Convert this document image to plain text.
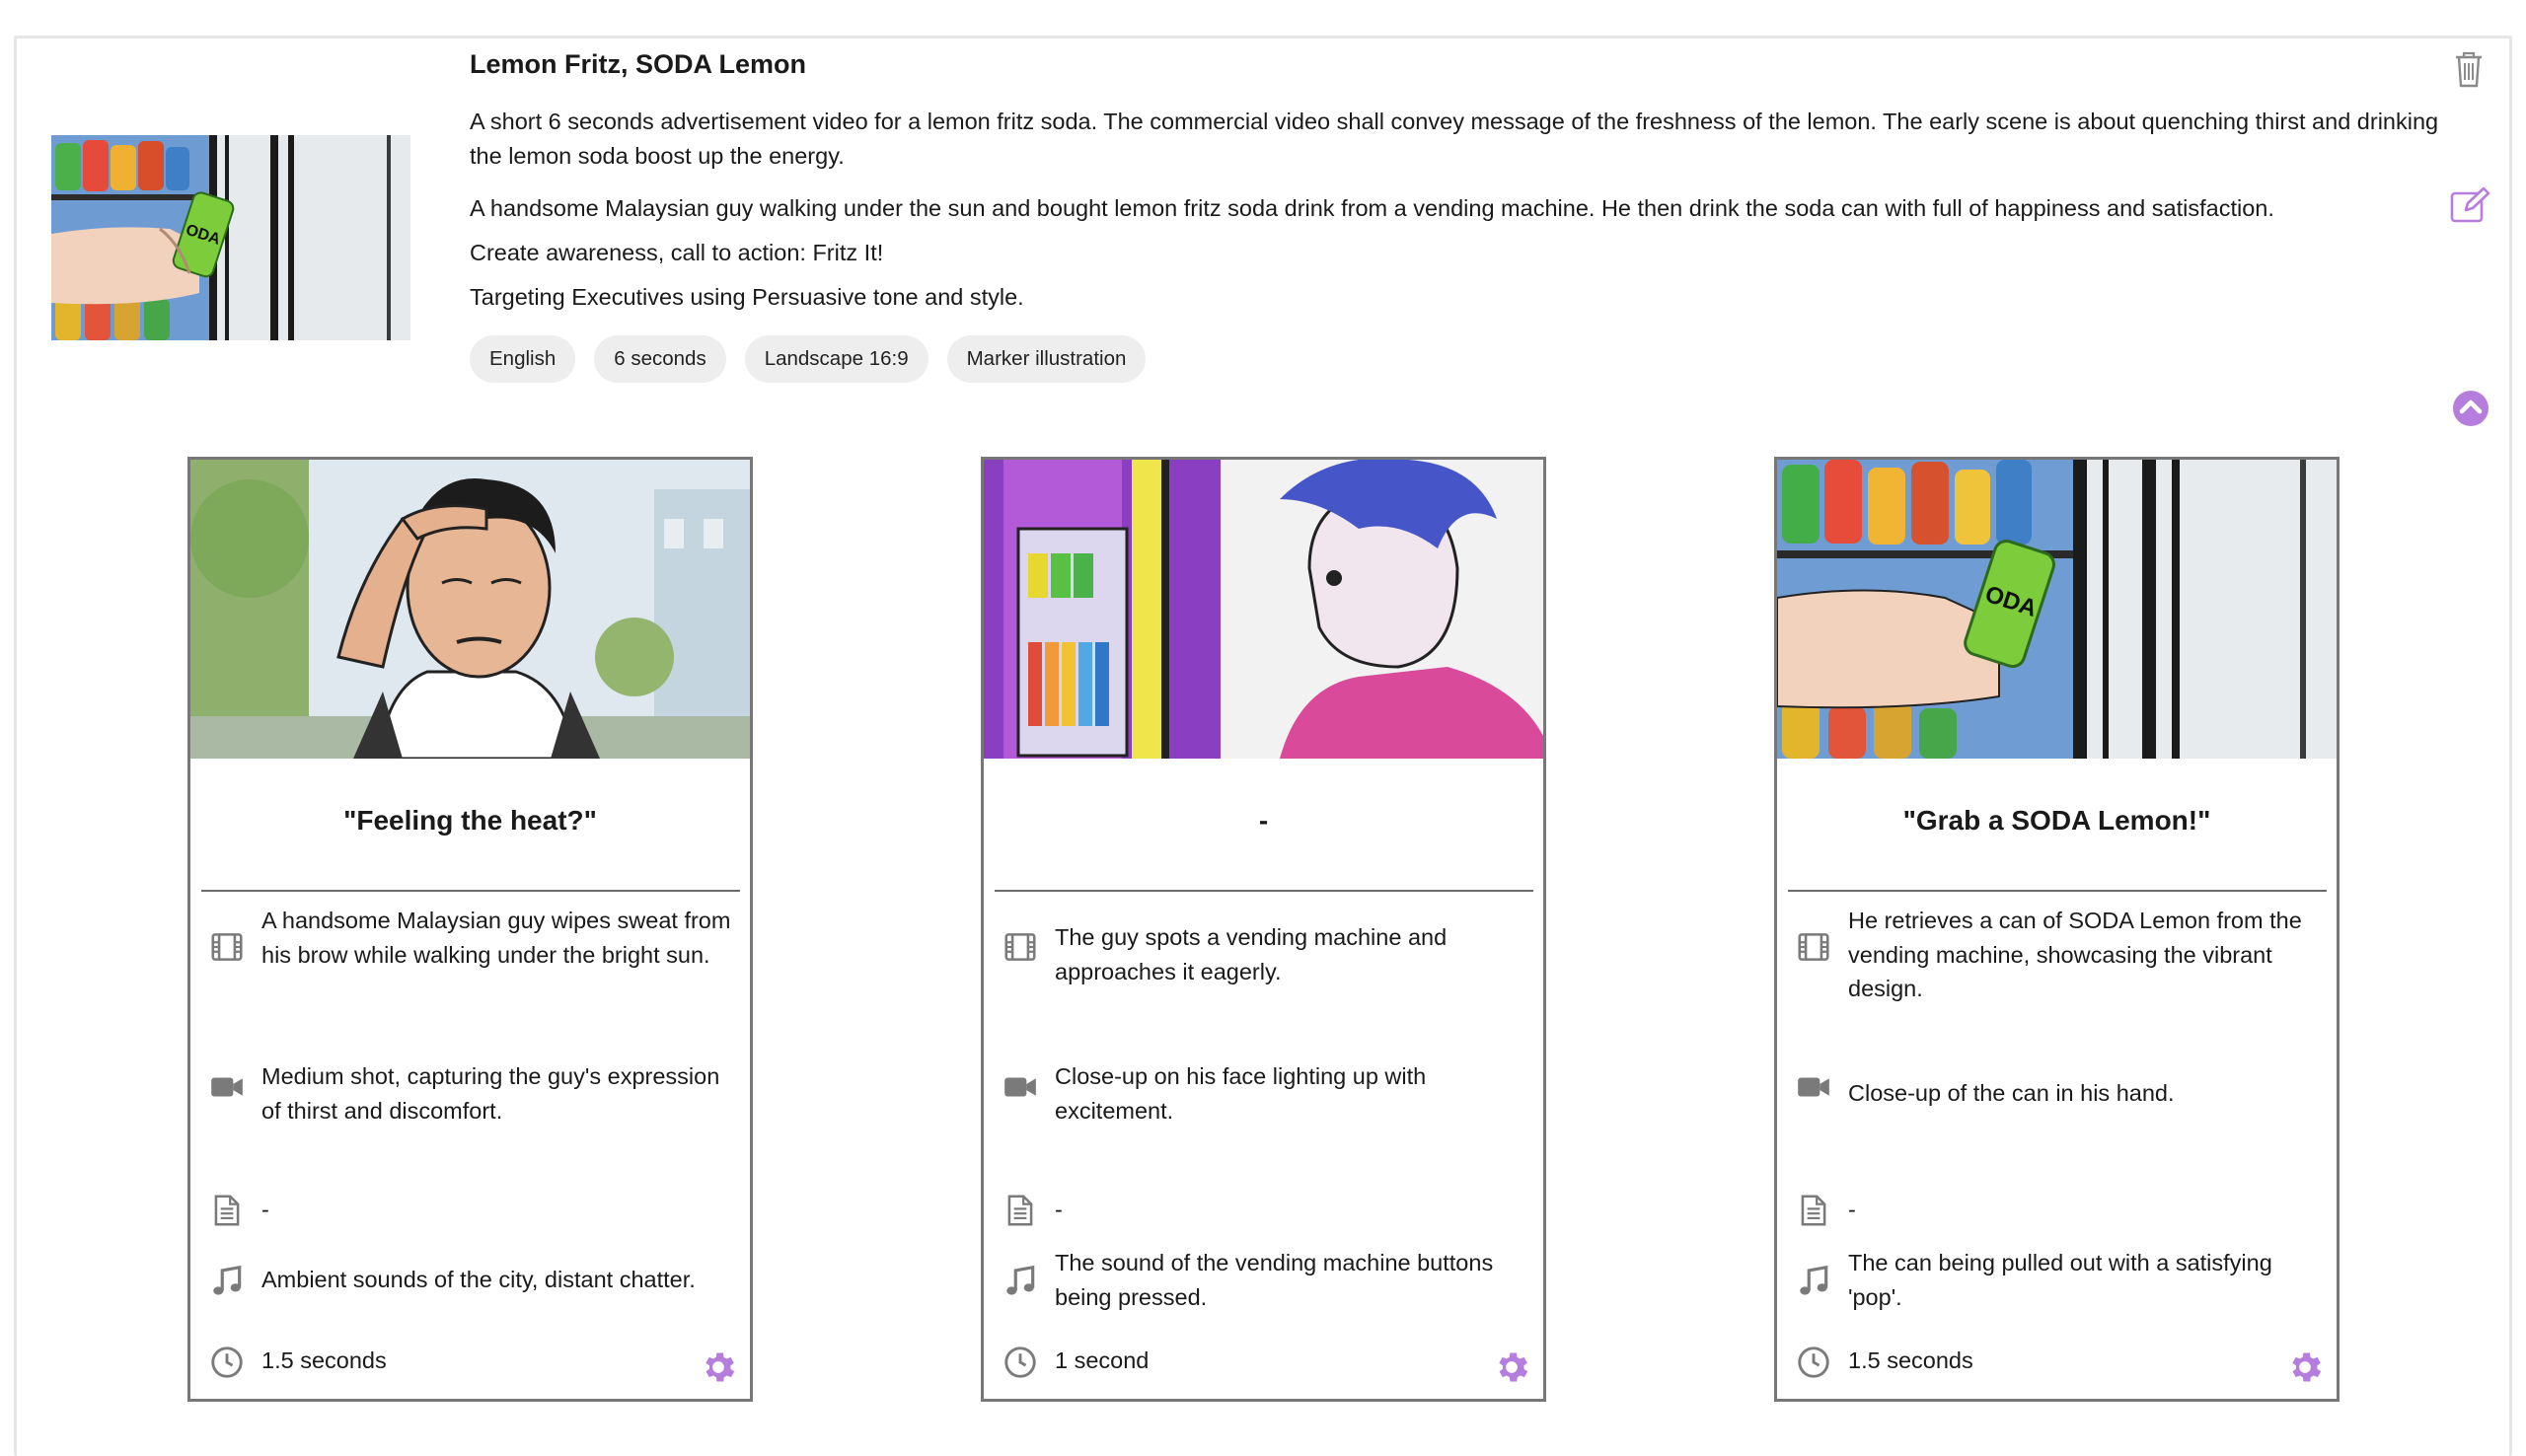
ODA
Lemon Fritz, SODA Lemon
A short 6 seconds advertisement video for a lemon fritz soda. The commercial video shall convey message of the freshness of the lemon. The early scene is about quenching thirst and drinking the lemon soda boost up the energy.
A handsome Malaysian guy walking under the sun and bought lemon fritz soda drink from a vending machine. He then drink the soda can with full of happiness and satisfaction.
Create awareness, call to action: Fritz It!
Targeting Executives using Persuasive tone and style.
English	6 seconds	Landscape 16:9	Marker illustration
"Feeling the heat?"
A handsome Malaysian guy wipes sweat from his brow while walking under the bright sun.
Medium shot, capturing the guy's expression of thirst and discomfort.
-
Ambient sounds of the city, distant chatter.
1.5 seconds
-
The guy spots a vending machine and approaches it eagerly.
Close-up on his face lighting up with excitement.
-
The sound of the vending machine buttons being pressed.
1 second
ODA
"Grab a SODA Lemon!"
He retrieves a can of SODA Lemon from the vending machine, showcasing the vibrant design.
Close-up of the can in his hand.
-
The can being pulled out with a satisfying 'pop'.
1.5 seconds
